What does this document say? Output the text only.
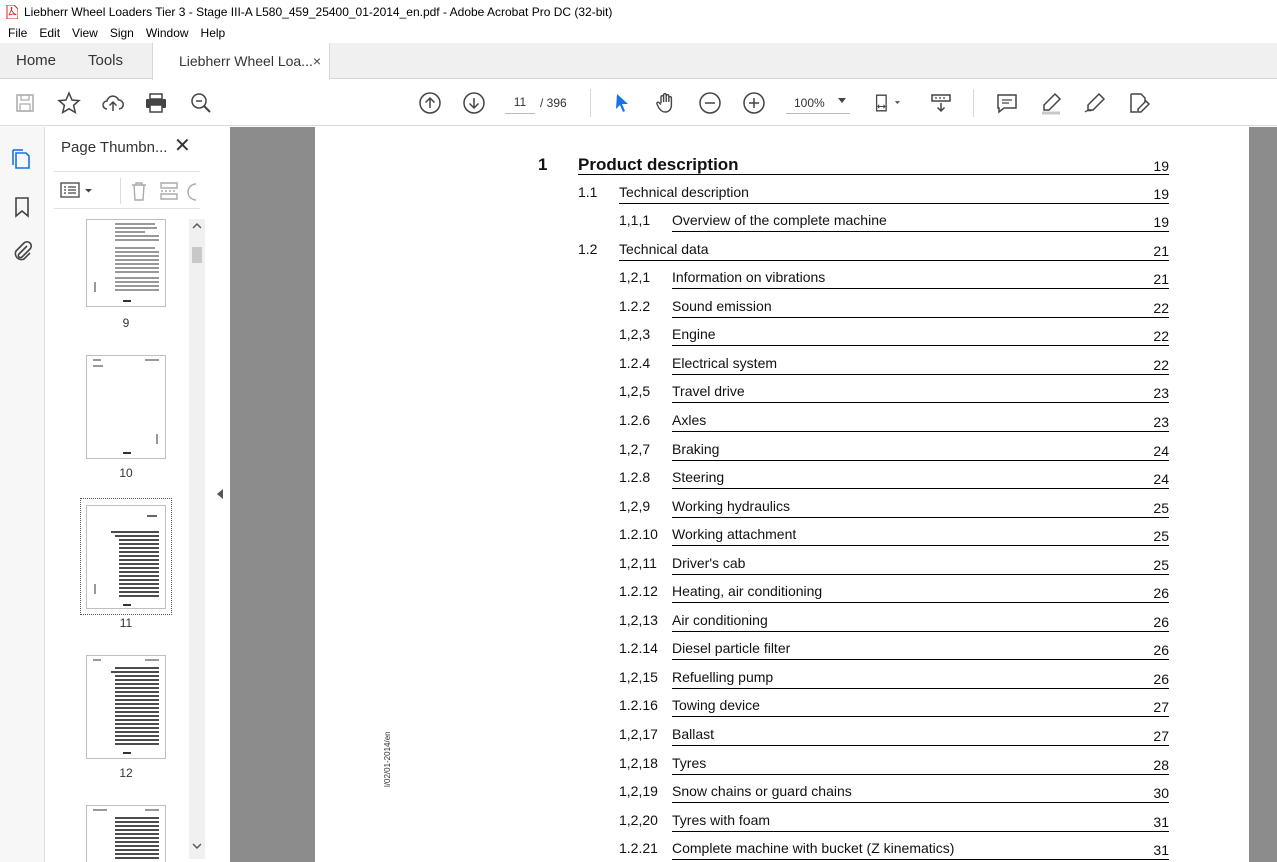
Liebherr Wheel Loaders Tier 3 - Stage III-A L580_459_25400_01-2014_en.pdf - Adobe Acrobat Pro DC (32-bit)
File	Edit	View	Sign	Window	Help
Home Tools	Liebherr Wheel Loa... ×
11
/ 396	100%
Page Thumbn... ✕
9
10
11
12	l/02/01-2014/en
1 Product description	19
1.1 Technical description	19
1,1,1 Overview of the complete machine	19
1.2 Technical data	21
1,2,1 Information on vibrations	21
1.2.2 Sound emission	22
1,2,3 Engine	22
1.2.4 Electrical system	22
1,2,5 Travel drive	23
1.2.6 Axles	23
1,2,7 Braking	24
1.2.8 Steering	24
1,2,9 Working hydraulics	25
1.2.10 Working attachment	25
1,2,11 Driver's cab	25
1.2.12 Heating, air conditioning	26
1,2,13 Air conditioning	26
1.2.14 Diesel particle filter	26
1,2,15 Refuelling pump	26
1.2.16 Towing device	27
1,2,17 Ballast	27
1,2,18 Tyres	28
1,2,19 Snow chains or guard chains	30
1,2,20 Tyres with foam	31
1.2.21 Complete machine with bucket (Z kinematics)	31
